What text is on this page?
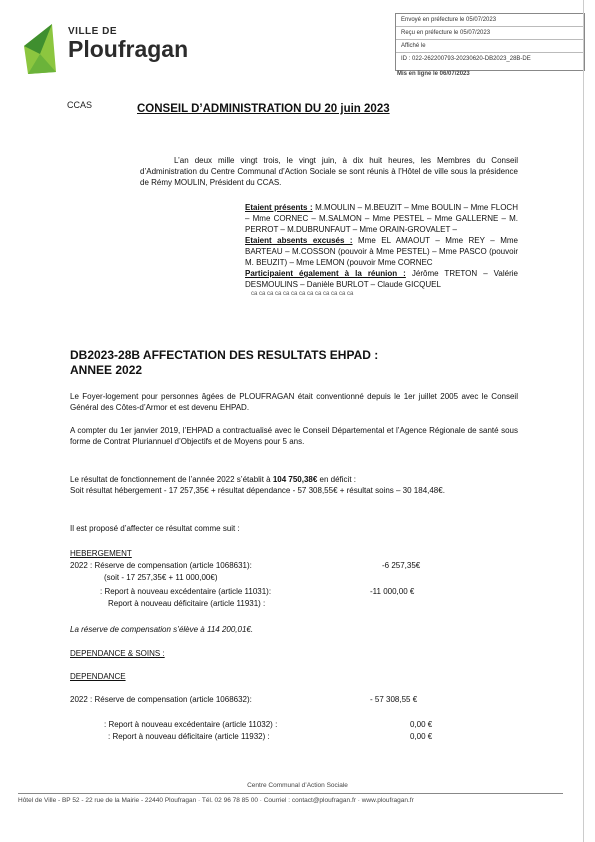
VILLE DE
Ploufragan
Envoyé en préfecture le 05/07/2023
Reçu en préfecture le 05/07/2023
Affiché le
ID : 022-262200793-20230620-DB2023_28B-DE
Mis en ligne le 06/07/2023
CCAS	CONSEIL D’ADMINISTRATION DU 20 juin 2023
L’an deux mille vingt trois, le vingt juin, à dix huit heures, les Membres du Conseil d’Administration du Centre Communal d’Action Sociale se sont réunis à l’Hôtel de ville sous la présidence de Rémy MOULIN, Président du CCAS.
Etaient présents : M.MOULIN – M.BEUZIT – Mme BOULIN – Mme FLOCH – Mme CORNEC – M.SALMON – Mme PESTEL – Mme GALLERNE – M. PERROT – M.DUBRUNFAUT – Mme ORAIN-GROVALET –
Etaient absents excusés : Mme EL AMAOUT – Mme REY – Mme BARTEAU – M.COSSON (pouvoir à Mme PESTEL) – Mme PASCO (pouvoir M. BEUZIT) – Mme LEMON (pouvoir Mme CORNEC
Participaient également à la réunion : Jérôme TRETON – Valérie DESMOULINS – Danièle BURLOT – Claude GICQUEL
ca ca ca ca ca ca ca ca ca ca ca ca ca
DB2023-28B AFFECTATION DES RESULTATS EHPAD :
ANNEE 2022
Le Foyer-logement pour personnes âgées de PLOUFRAGAN était conventionné depuis le 1er juillet 2005 avec le Conseil Général des Côtes-d’Armor et est devenu EHPAD.
A compter du 1er janvier 2019, l’EHPAD a contractualisé avec le Conseil Départemental et l’Agence Régionale de santé sous forme de Contrat Pluriannuel d’Objectifs et de Moyens pour 5 ans.
Le résultat de fonctionnement de l’année 2022 s’établit à 104 750,38€ en déficit :
Soit résultat hébergement - 17 257,35€ + résultat dépendance - 57 308,55€ + résultat soins – 30 184,48€.
Il est proposé d’affecter ce résultat comme suit :
HEBERGEMENT
2022 : Réserve de compensation (article 1068631):	-6 257,35€
(soit - 17 257,35€ + 11 000,00€)
: Report à nouveau excédentaire (article 11031):	-11 000,00 €
Report à nouveau déficitaire (article 11931) :
La réserve de compensation s’élève à 114 200,01€.
DEPENDANCE & SOINS :
DEPENDANCE
2022 : Réserve de compensation (article 1068632):	- 57 308,55 €
: Report à nouveau excédentaire (article 11032) :	0,00 €
: Report à nouveau déficitaire (article 11932) :	0,00 €
Centre Communal d’Action Sociale
Hôtel de Ville - BP 52 - 22 rue de la Mairie - 22440 Ploufragan · Tél. 02 96 78 85 00 · Courriel : contact@ploufragan.fr · www.ploufragan.fr
